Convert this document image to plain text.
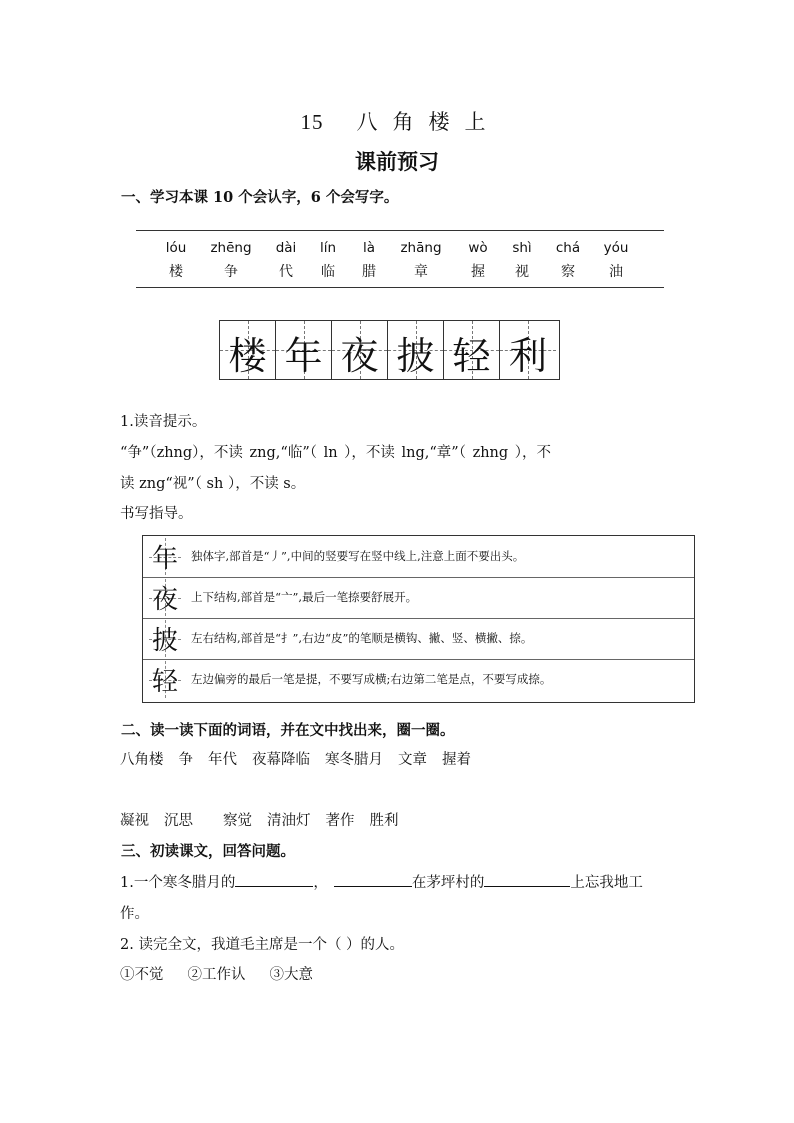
15 八 角 楼 上
课前预习
一、学习本课 10 个会认字，6 个会写字。
lóu	zhēng	dài	lín	là	zhāng	wò	shì	chá	yóu
楼	争	代	临	腊	章	握	视	察	油
楼 年 夜 披 轻 利
1.读音提示。
“争”（zhng），不读 zng,“临”（ ln ），不读 lng,“章”（ zhng ），不
读 zng“视”（ sh ），不读 s。
书写指导。
年 独体字,部首是“丿”,中间的竖要写在竖中线上,注意上面不要出头。
夜 上下结构,部首是“亠”,最后一笔捺要舒展开。
披 左右结构,部首是“扌”,右边“皮”的笔顺是横钩、撇、竖、横撇、捺。
轻 左边偏旁的最后一笔是提，不要写成横;右边第二笔是点，不要写成捺。
二、读一读下面的词语，并在文中找出来，圈一圈。
八角楼 争 年代 夜幕降临 寒冬腊月 文章 握着
凝视 沉思 察觉 清油灯 著作 胜利
三、初读课文，回答问题。
1.一个寒冬腊月的	，	在茅坪村的	上忘我地工
作。
2. 读完全文，我道毛主席是一个（ ）的人。
①不觉 ②工作认 ③大意
